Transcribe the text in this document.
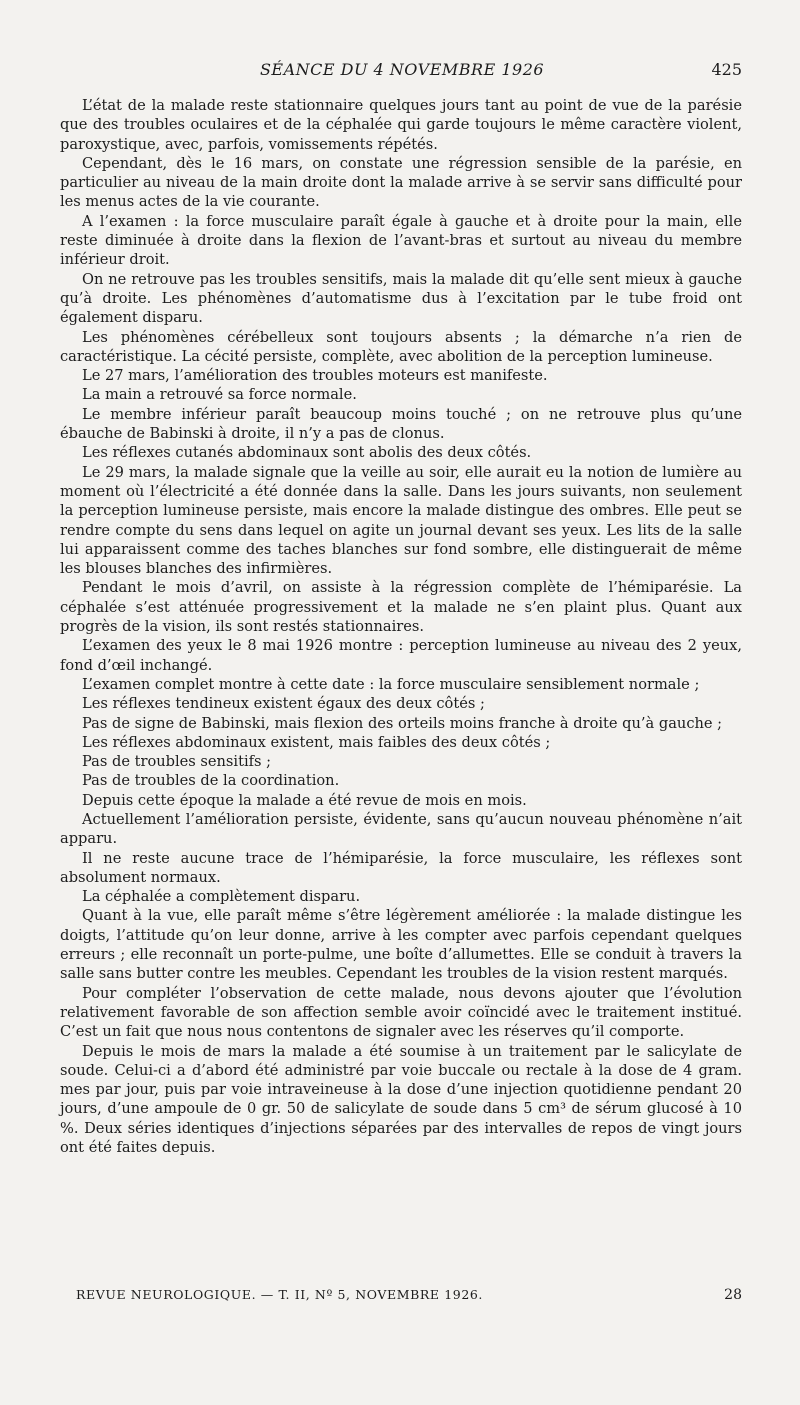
SÉANCE DU 4 NOVEMBRE 1926	425

L’état de la malade reste stationnaire quelques jours tant au point de vue de la parésie que des troubles oculaires et de la céphalée qui garde toujours le même caractère violent, paroxystique, avec, parfois, vomissements répétés.

Cependant, dès le 16 mars, on constate une régression sensible de la parésie, en particulier au niveau de la main droite dont la malade arrive à se servir sans difficulté pour les menus actes de la vie courante.

A l’examen : la force musculaire paraît égale à gauche et à droite pour la main, elle reste diminuée à droite dans la flexion de l’avant-bras et surtout au niveau du membre inférieur droit.

On ne retrouve pas les troubles sensitifs, mais la malade dit qu’elle sent mieux à gauche qu’à droite. Les phénomènes d’automatisme dus à l’excitation par le tube froid ont également disparu.

Les phénomènes cérébelleux sont toujours absents ; la démarche n’a rien de caractéristique. La cécité persiste, complète, avec abolition de la perception lumineuse.

Le 27 mars, l’amélioration des troubles moteurs est manifeste.

La main a retrouvé sa force normale.

Le membre inférieur paraît beaucoup moins touché ; on ne retrouve plus qu’une ébauche de Babinski à droite, il n’y a pas de clonus.

Les réflexes cutanés abdominaux sont abolis des deux côtés.

Le 29 mars, la malade signale que la veille au soir, elle aurait eu la notion de lumière au moment où l’électricité a été donnée dans la salle. Dans les jours suivants, non seulement la perception lumineuse persiste, mais encore la malade distingue des ombres. Elle peut se rendre compte du sens dans lequel on agite un journal devant ses yeux. Les lits de la salle lui apparaissent comme des taches blanches sur fond sombre, elle distinguerait de même les blouses blanches des infirmières.

Pendant le mois d’avril, on assiste à la régression complète de l’hémiparésie. La céphalée s’est atténuée progressivement et la malade ne s’en plaint plus. Quant aux progrès de la vision, ils sont restés stationnaires.

L’examen des yeux le 8 mai 1926 montre : perception lumineuse au niveau des 2 yeux, fond d’œil inchangé.

L’examen complet montre à cette date : la force musculaire sensiblement normale ;

Les réflexes tendineux existent égaux des deux côtés ;

Pas de signe de Babinski, mais flexion des orteils moins franche à droite qu’à gauche ;

Les réflexes abdominaux existent, mais faibles des deux côtés ;

Pas de troubles sensitifs ;

Pas de troubles de la coordination.

Depuis cette époque la malade a été revue de mois en mois.

Actuellement l’amélioration persiste, évidente, sans qu’aucun nouveau phénomène n’ait apparu.

Il ne reste aucune trace de l’hémiparésie, la force musculaire, les réflexes sont absolument normaux.

La céphalée a complètement disparu.

Quant à la vue, elle paraît même s’être légèrement améliorée : la malade distingue les doigts, l’attitude qu’on leur donne, arrive à les compter avec parfois cependant quelques erreurs ; elle reconnaît un porte-pulme, une boîte d’allumettes. Elle se conduit à travers la salle sans butter contre les meubles. Cependant les troubles de la vision restent marqués.

Pour compléter l’observation de cette malade, nous devons ajouter que l’évolution relativement favorable de son affection semble avoir coïncidé avec le traitement institué. C’est un fait que nous nous contentons de signaler avec les réserves qu’il comporte.

Depuis le mois de mars la malade a été soumise à un traitement par le salicylate de soude. Celui-ci a d’abord été administré par voie buccale ou rectale à la dose de 4 gram. mes par jour, puis par voie intraveineuse à la dose d’une injection quotidienne pendant 20 jours, d’une ampoule de 0 gr. 50 de salicylate de soude dans 5 cm³ de sérum glucosé à 10 %. Deux séries identiques d’injections séparées par des intervalles de repos de vingt jours ont été faites depuis.

REVUE NEUROLOGIQUE. — T. II, Nº 5, NOVEMBRE 1926.	28
